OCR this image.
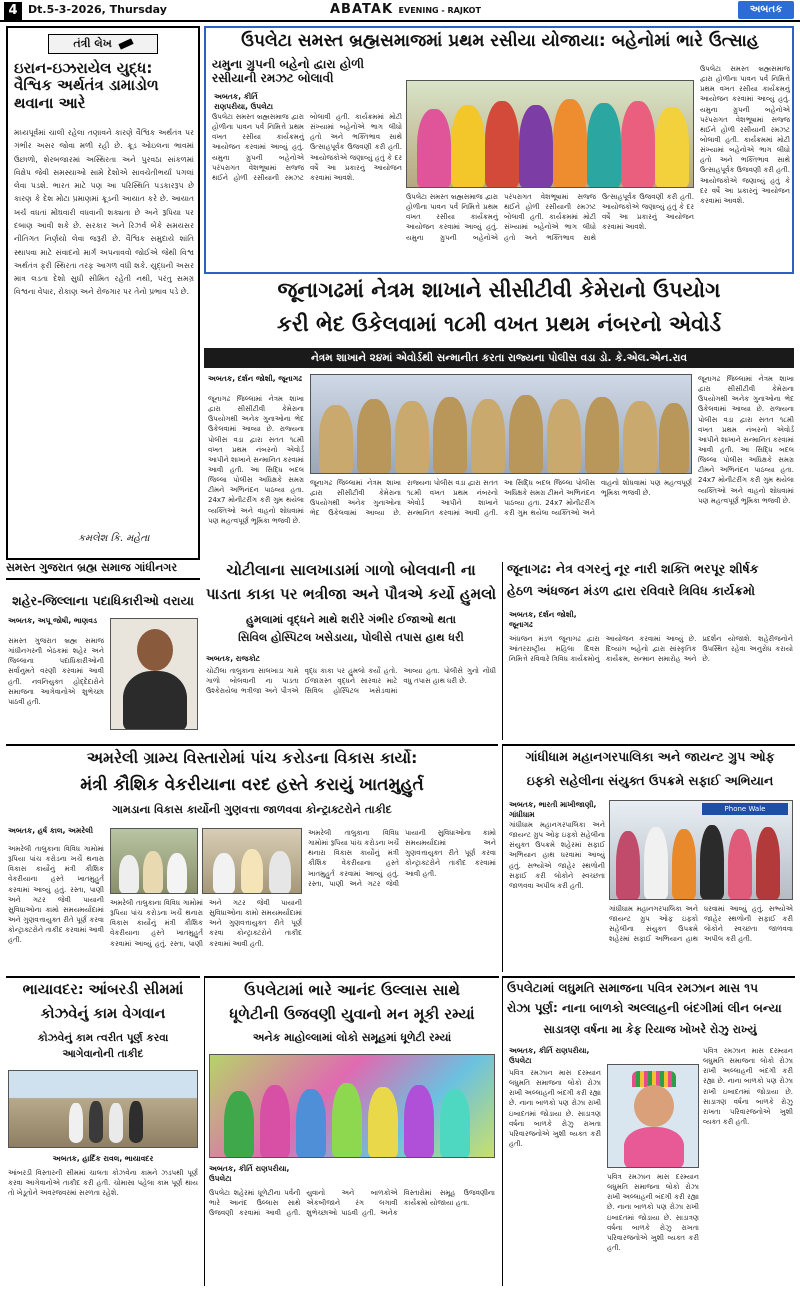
4 Dt.5-3-2026, Thursday	ABATAK EVENING - RAJKOT	અબતક
તંત્રી લેખ
ઇરાન-ઇઝરાયેલ યુદ્ધ: વૈશ્વિક અર્થતંત્ર ડામાડોળ થવાના આરે
મધ્યપૂર્વમાં ચાલી રહેલા તણાવને કારણે વૈશ્વિક અર્થતંત્ર પર ગંભીર અસર જોવા મળી રહી છે. ક્રૂડ ઓઇલના ભાવમાં ઉછાળો, શેરબજારમાં અસ્થિરતા અને પુરવઠા સાંકળમાં વિક્ષેપ જેવી સમસ્યાઓ સામે દેશોએ સાવચેતીભર્યા પગલાં લેવા પડશે. ભારત માટે પણ આ પરિસ્થિતિ પડકારરૂપ છે કારણ કે દેશ મોટા પ્રમાણમાં ક્રૂડની આયાત કરે છે. આયાત ખર્ચ વધતાં મોંઘવારી વધવાની શક્યતા છે અને રૂપિયા પર દબાણ આવી શકે છે. સરકાર અને રિઝર્વ બેંકે સમયસર નીતિગત નિર્ણયો લેવા જરૂરી છે. વૈશ્વિક સમુદાયે શાંતિ સ્થાપવા માટે સંવાદનો માર્ગ અપનાવવો જોઈએ જેથી વિશ્વ અર્થતંત્ર ફરી સ્થિરતા તરફ આગળ વધી શકે. યુદ્ધની અસર માત્ર લડતા દેશો સુધી સીમિત રહેતી નથી, પરંતુ સમગ્ર વિશ્વના વેપાર, રોકાણ અને રોજગાર પર તેનો પ્રભાવ પડે છે.
કમલેશ કિ. મહેતા
ઉપલેટા સમસ્ત બ્રહ્મસમાજમાં પ્રથમ રસીયા યોજાયા: બહેનોમાં ભારે ઉત્સાહ
યમુના ગ્રુપની બહેનો દ્વારા હોળી રસીયાની રમઝટ બોલાવી
અબતક, કીર્તિ રાણપરીયા, ઉપલેટા
ઉપલેટા સમસ્ત બ્રહ્મસમાજ દ્વારા હોળીના પાવન પર્વ નિમિત્તે પ્રથમ વખત રસીયા કાર્યક્રમનું આયોજન કરવામાં આવ્યું હતું. યમુના ગ્રુપની બહેનોએ પરંપરાગત વેશભૂષામાં સજ્જ થઈને હોળી રસીયાની રમઝટ બોલાવી હતી. કાર્યક્રમમાં મોટી સંખ્યામાં બહેનોએ ભાગ લીધો હતો અને ભક્તિભાવ સાથે ઉત્સાહપૂર્વક ઉજવણી કરી હતી. આયોજકોએ જણાવ્યું હતું કે દર વર્ષે આ પ્રકારનું આયોજન કરવામાં આવશે.
ઉપલેટા સમસ્ત બ્રહ્મસમાજ દ્વારા હોળીના પાવન પર્વ નિમિત્તે પ્રથમ વખત રસીયા કાર્યક્રમનું આયોજન કરવામાં આવ્યું હતું. યમુના ગ્રુપની બહેનોએ પરંપરાગત વેશભૂષામાં સજ્જ થઈને હોળી રસીયાની રમઝટ બોલાવી હતી. કાર્યક્રમમાં મોટી સંખ્યામાં બહેનોએ ભાગ લીધો હતો અને ભક્તિભાવ સાથે ઉત્સાહપૂર્વક ઉજવણી કરી હતી. આયોજકોએ જણાવ્યું હતું કે દર વર્ષે આ પ્રકારનું આયોજન કરવામાં આવશે.
ઉપલેટા સમસ્ત બ્રહ્મસમાજ દ્વારા હોળીના પાવન પર્વ નિમિત્તે પ્રથમ વખત રસીયા કાર્યક્રમનું આયોજન કરવામાં આવ્યું હતું. યમુના ગ્રુપની બહેનોએ પરંપરાગત વેશભૂષામાં સજ્જ થઈને હોળી રસીયાની રમઝટ બોલાવી હતી. કાર્યક્રમમાં મોટી સંખ્યામાં બહેનોએ ભાગ લીધો હતો અને ભક્તિભાવ સાથે ઉત્સાહપૂર્વક ઉજવણી કરી હતી. આયોજકોએ જણાવ્યું હતું કે દર વર્ષે આ પ્રકારનું આયોજન કરવામાં આવશે.
જૂનાગઢમાં નેત્રમ શાખાને સીસીટીવી કેમેરાનો ઉપયોગ
કરી ભેદ ઉકેલવામાં ૧૮મી વખત પ્રથમ નંબરનો એવોર્ડ
નેત્રમ શાખાને ૨૪માં એવોર્ડથી સન્માનીત કરતા રાજ્યના પોલીસ વડા ડો. કે.એલ.એન.રાવ
અબતક, દર્શન જોશી, જૂનાગઢ
જૂનાગઢ જિલ્લામાં નેત્રમ શાખા દ્વારા સીસીટીવી કેમેરાના ઉપયોગથી અનેક ગુનાઓના ભેદ ઉકેલવામાં આવ્યા છે. રાજ્યના પોલીસ વડા દ્વારા સતત ૧૮મી વખત પ્રથમ નંબરનો એવોર્ડ આપીને શાખાને સન્માનિત કરવામાં આવી હતી. આ સિદ્ધિ બદલ જિલ્લા પોલીસ અધિક્ષકે સમગ્ર ટીમને અભિનંદન પાઠવ્યા હતા. 24x7 મોનીટરીંગ કરી ગુમ થયેલા વ્યક્તિઓ અને વાહનો શોધવામાં પણ મહત્વપૂર્ણ ભૂમિકા ભજવી છે.
જૂનાગઢ જિલ્લામાં નેત્રમ શાખા દ્વારા સીસીટીવી કેમેરાના ઉપયોગથી અનેક ગુનાઓના ભેદ ઉકેલવામાં આવ્યા છે. રાજ્યના પોલીસ વડા દ્વારા સતત ૧૮મી વખત પ્રથમ નંબરનો એવોર્ડ આપીને શાખાને સન્માનિત કરવામાં આવી હતી. આ સિદ્ધિ બદલ જિલ્લા પોલીસ અધિક્ષકે સમગ્ર ટીમને અભિનંદન પાઠવ્યા હતા. 24x7 મોનીટરીંગ કરી ગુમ થયેલા વ્યક્તિઓ અને વાહનો શોધવામાં પણ મહત્વપૂર્ણ ભૂમિકા ભજવી છે.
જૂનાગઢ જિલ્લામાં નેત્રમ શાખા દ્વારા સીસીટીવી કેમેરાના ઉપયોગથી અનેક ગુનાઓના ભેદ ઉકેલવામાં આવ્યા છે. રાજ્યના પોલીસ વડા દ્વારા સતત ૧૮મી વખત પ્રથમ નંબરનો એવોર્ડ આપીને શાખાને સન્માનિત કરવામાં આવી હતી. આ સિદ્ધિ બદલ જિલ્લા પોલીસ અધિક્ષકે સમગ્ર ટીમને અભિનંદન પાઠવ્યા હતા. 24x7 મોનીટરીંગ કરી ગુમ થયેલા વ્યક્તિઓ અને વાહનો શોધવામાં પણ મહત્વપૂર્ણ ભૂમિકા ભજવી છે.
સમસ્ત ગુજરાત બ્રહ્મ સમાજ ગાંધીનગર
શહેર-જિલ્લાના પદાધિકારીઓ વરાયા
અબતક, અપૂ જોષી, ભાણવડ
સમસ્ત ગુજરાત બ્રહ્મ સમાજ ગાંધીનગરની બેઠકમાં શહેર અને જિલ્લાના પદાધિકારીઓની સર્વાનુમતે વરણી કરવામાં આવી હતી. નવનિયુક્ત હોદ્દેદારોને સમાજના આગેવાનોએ શુભેચ્છા પાઠવી હતી.
ચોટીલાના સાલખાડામાં ગાળો બોલવાની ના
પાડતા કાકા પર ભત્રીજા અને પૌત્રએ કર્યો હુમલો
હુમલામાં વૃદ્ધને માથે શરીરે ગંભીર ઈજાઓ થતા
સિવિલ હોસ્પિટલ ખસેડાયા, પોલીસે તપાસ હાથ ધરી
અબતક, રાજકોટ
ચોટીલા તાલુકાના સાલખાડા ગામે ગાળો બોલવાની ના પાડતા ઉશ્કેરાયેલા ભત્રીજા અને પૌત્રએ વૃદ્ધ કાકા પર હુમલો કર્યો હતો. ઈજાગ્રસ્ત વૃદ્ધને સારવાર માટે સિવિલ હોસ્પિટલ ખસેડવામાં આવ્યા હતા. પોલીસે ગુનો નોંધી વધુ તપાસ હાથ ધરી છે.
જૂનાગઢ: નેત્ર વગરનું નૂર નારી શક્તિ ભરપૂર શીર્ષક
હેઠળ અંધજન મંડળ દ્વારા રવિવારે ત્રિવિધ કાર્યક્રમો
અબતક, દર્શન જોશી, જૂનાગઢ
અંધજન મંડળ જૂનાગઢ દ્વારા આંતરરાષ્ટ્રીય મહિલા દિવસ નિમિત્તે રવિવારે ત્રિવિધ કાર્યક્રમોનું આયોજન કરવામાં આવ્યું છે. દિવ્યાંગ બહેનો દ્વારા સાંસ્કૃતિક કાર્યક્રમ, સન્માન સમારોહ અને પ્રદર્શન યોજાશે. શહેરીજનોને ઉપસ્થિત રહેવા અનુરોધ કરાયો છે.
અમરેલી ગ્રામ્ય વિસ્તારોમાં પાંચ કરોડના વિકાસ કાર્યો:
મંત્રી કૌશિક વેકરીયાના વરદ હસ્તે કરાયું ખાતમુહુર્ત
ગામડાના વિકાસ કાર્યોની ગુણવત્તા જાળવવા કોન્ટ્રાક્ટરોને તાકીદ
અબતક, હર્ષ કાલ, અમરેલી
અમરેલી તાલુકાના વિવિધ ગામોમાં રૂપિયા પાંચ કરોડના ખર્ચે થનારા વિકાસ કાર્યોનું મંત્રી કૌશિક વેકરીયાના હસ્તે ખાતમુહુર્ત કરવામાં આવ્યું હતું. રસ્તા, પાણી અને ગટર જેવી પાયાની સુવિધાઓના કામો સમયમર્યાદામાં અને ગુણવત્તાયુક્ત રીતે પૂર્ણ કરવા કોન્ટ્રાક્ટરોને તાકીદ કરવામાં આવી હતી.
અમરેલી તાલુકાના વિવિધ ગામોમાં રૂપિયા પાંચ કરોડના ખર્ચે થનારા વિકાસ કાર્યોનું મંત્રી કૌશિક વેકરીયાના હસ્તે ખાતમુહુર્ત કરવામાં આવ્યું હતું. રસ્તા, પાણી અને ગટર જેવી પાયાની સુવિધાઓના કામો સમયમર્યાદામાં અને ગુણવત્તાયુક્ત રીતે પૂર્ણ કરવા કોન્ટ્રાક્ટરોને તાકીદ કરવામાં આવી હતી.
અમરેલી તાલુકાના વિવિધ ગામોમાં રૂપિયા પાંચ કરોડના ખર્ચે થનારા વિકાસ કાર્યોનું મંત્રી કૌશિક વેકરીયાના હસ્તે ખાતમુહુર્ત કરવામાં આવ્યું હતું. રસ્તા, પાણી અને ગટર જેવી પાયાની સુવિધાઓના કામો સમયમર્યાદામાં અને ગુણવત્તાયુક્ત રીતે પૂર્ણ કરવા કોન્ટ્રાક્ટરોને તાકીદ કરવામાં આવી હતી.
ગાંધીધામ મહાનગરપાલિકા અને જાયન્ટ ગ્રુપ ઓફ
ઇફ્કો સહેલીના સંયુક્ત ઉપક્રમે સફાઈ અભિયાન
અબતક, ભારતી માખીજાણી, ગાંધીધામ
Phone Wale
ગાંધીધામ મહાનગરપાલિકા અને જાયન્ટ ગ્રુપ ઓફ ઇફ્કો સહેલીના સંયુક્ત ઉપક્રમે શહેરમાં સફાઈ અભિયાન હાથ ધરવામાં આવ્યું હતું. સભ્યોએ જાહેર સ્થળોની સફાઈ કરી લોકોને સ્વચ્છતા જાળવવા અપીલ કરી હતી.
ગાંધીધામ મહાનગરપાલિકા અને જાયન્ટ ગ્રુપ ઓફ ઇફ્કો સહેલીના સંયુક્ત ઉપક્રમે શહેરમાં સફાઈ અભિયાન હાથ ધરવામાં આવ્યું હતું. સભ્યોએ જાહેર સ્થળોની સફાઈ કરી લોકોને સ્વચ્છતા જાળવવા અપીલ કરી હતી.
ભાયાવદર: આંબરડી સીમમાં
કોઝવેનું કામ વેગવાન
કોઝવેનું કામ ત્વરીત પૂર્ણ કરવા
આગેવાનોની તાકીદ
અબતક, હાર્દિક રાવલ, ભાયાવદર
આંબરડી વિસ્તારની સીમમાં ચાલતા કોઝવેના કામને ઝડપથી પૂર્ણ કરવા આગેવાનોએ તાકીદ કરી હતી. ચોમાસા પહેલા કામ પૂર્ણ થાય તો ખેડૂતોને અવરજવરમાં સરળતા રહેશે.
ઉપલેટામાં ભારે આનંદ ઉલ્લાસ સાથે
ધૂળેટીની ઉજવણી યુવાનો મન મૂકી રમ્યાં
અનેક માહોલ્લામાં લોકો સમૂહમાં ધૂળેટી રમ્યાં
અબતક, કીર્તિ રાણપરીયા, ઉપલેટા
ઉપલેટા શહેરમાં ધૂળેટીના પર્વની ભારે આનંદ ઉલ્લાસ સાથે ઉજવણી કરવામાં આવી હતી. યુવાનો અને બાળકોએ એકબીજાને રંગ લગાવી શુભેચ્છાઓ પાઠવી હતી. અનેક વિસ્તારોમાં સમૂહ ઉજવણીના કાર્યક્રમો યોજાયા હતા.
ઉપલેટામાં લઘુમતિ સમાજના પવિત્ર રમઝાન માસ ૧૫
રોઝા પૂર્ણ: નાના બાળકો અલ્લાહની બંદગીમાં લીન બન્યા
સાડાત્રણ વર્ષના મા કેફ રિયાજ ખોખરે રોઝુ રાખ્યું
અબતક, કીર્તિ રાણપરીયા, ઉપલેટા
પવિત્ર રમઝાન માસ દરમ્યાન લઘુમતિ સમાજના લોકો રોઝા રાખી અલ્લાહની બંદગી કરી રહ્યા છે. નાના બાળકો પણ રોઝા રાખી ઇબાદતમાં જોડાયા છે. સાડાત્રણ વર્ષના બાળકે રોઝુ રાખતા પરિવારજનોએ ખુશી વ્યક્ત કરી હતી.
પવિત્ર રમઝાન માસ દરમ્યાન લઘુમતિ સમાજના લોકો રોઝા રાખી અલ્લાહની બંદગી કરી રહ્યા છે. નાના બાળકો પણ રોઝા રાખી ઇબાદતમાં જોડાયા છે. સાડાત્રણ વર્ષના બાળકે રોઝુ રાખતા પરિવારજનોએ ખુશી વ્યક્ત કરી હતી.
પવિત્ર રમઝાન માસ દરમ્યાન લઘુમતિ સમાજના લોકો રોઝા રાખી અલ્લાહની બંદગી કરી રહ્યા છે. નાના બાળકો પણ રોઝા રાખી ઇબાદતમાં જોડાયા છે. સાડાત્રણ વર્ષના બાળકે રોઝુ રાખતા પરિવારજનોએ ખુશી વ્યક્ત કરી હતી.
